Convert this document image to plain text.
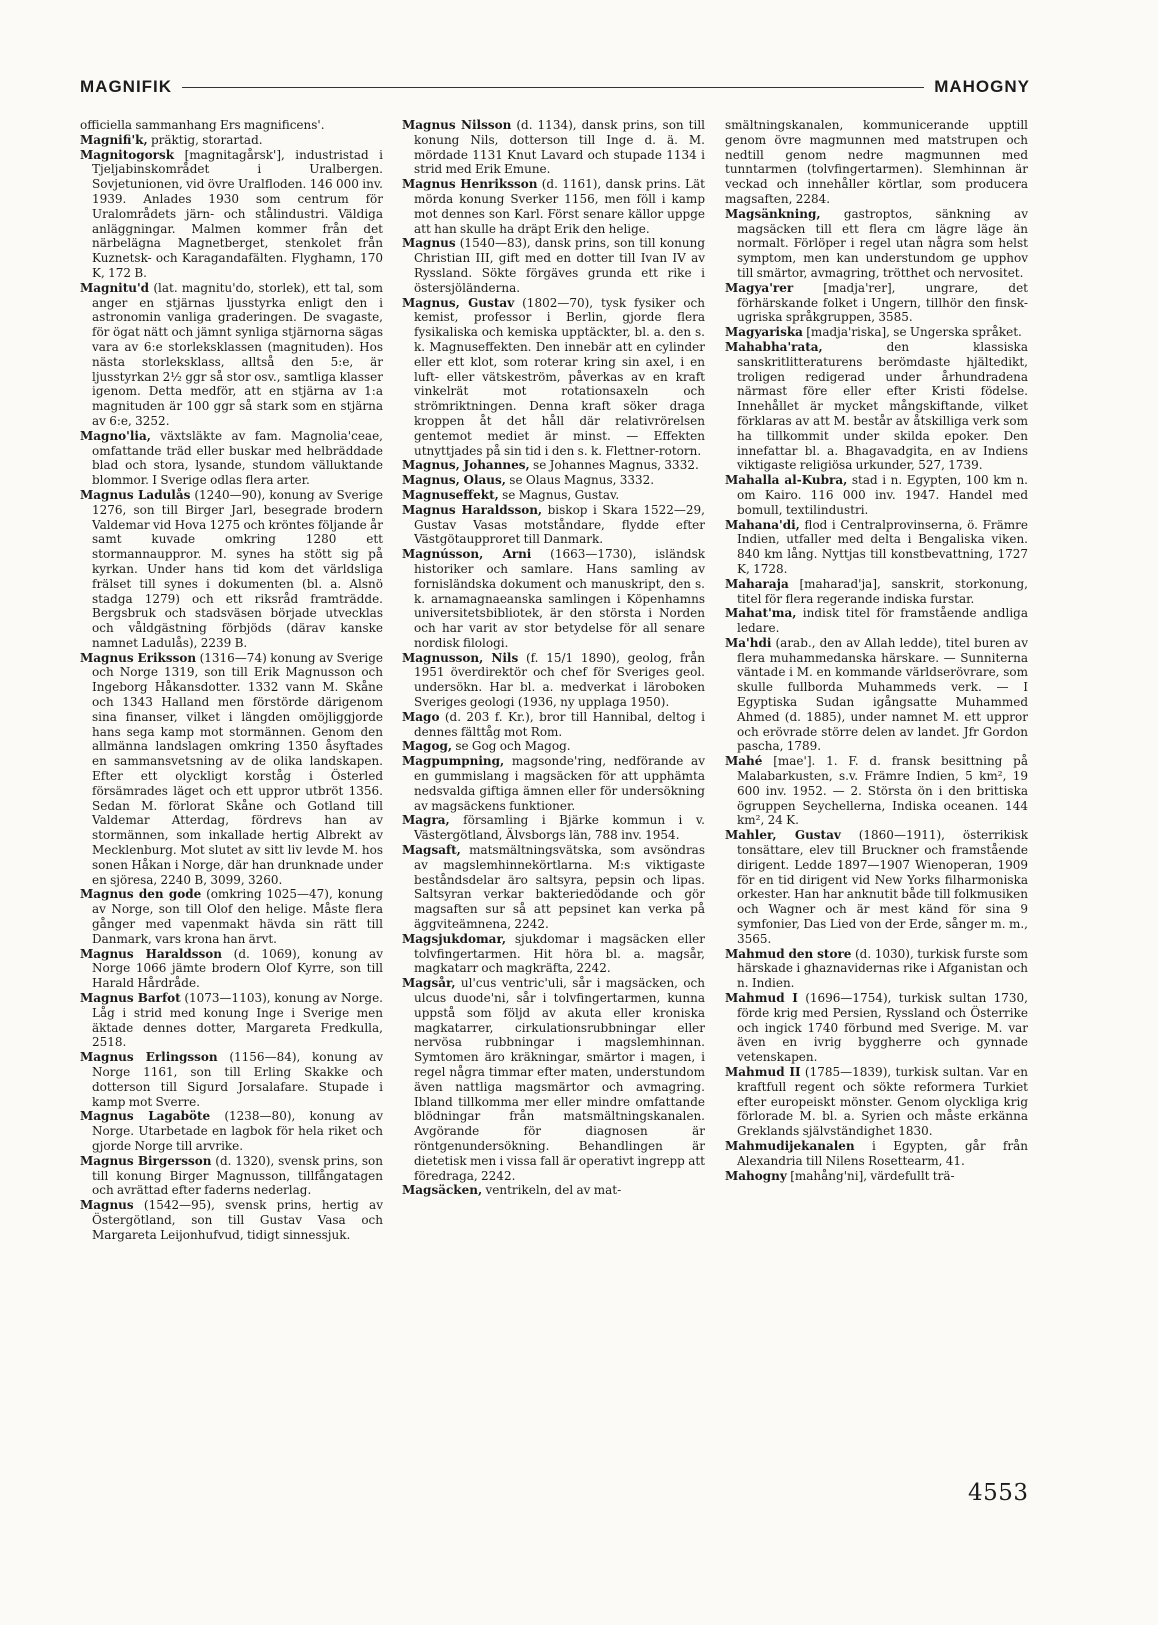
MAGNIFIK	MAHOGNY

officiella sammanhang Ers magnificens'.

Magnifi'k, präktig, storartad.

Magnitogorsk [magnitagårsk'], industristad i Tjeljabinskområdet i Uralbergen. Sovjetunionen, vid övre Uralfloden. 146 000 inv. 1939. Anlades 1930 som centrum för Uralområdets järn- och stålindustri. Väldiga anläggningar. Malmen kommer från det närbelägna Magnetberget, stenkolet från Kuznetsk- och Karagandafälten. Flyghamn, 170 K, 172 B.

Magnitu'd (lat. magnitu'do, storlek), ett tal, som anger en stjärnas ljusstyrka enligt den i astronomin vanliga graderingen. De svagaste, för ögat nätt och jämnt synliga stjärnorna sägas vara av 6:e storleksklassen (magnituden). Hos nästa storleksklass, alltså den 5:e, är ljusstyrkan 2½ ggr så stor osv., samtliga klasser igenom. Detta medför, att en stjärna av 1:a magnituden är 100 ggr så stark som en stjärna av 6:e, 3252.

Magno'lia, växtsläkte av fam. Magnolia'ceae, omfattande träd eller buskar med helbräddade blad och stora, lysande, stundom välluktande blommor. I Sverige odlas flera arter.

Magnus Ladulås (1240—90), konung av Sverige 1276, son till Birger Jarl, besegrade brodern Valdemar vid Hova 1275 och kröntes följande år samt kuvade omkring 1280 ett stormannauppror. M. synes ha stött sig på kyrkan. Under hans tid kom det världsliga frälset till synes i dokumenten (bl. a. Alsnö stadga 1279) och ett riksråd framträdde. Bergsbruk och stadsväsen började utvecklas och våldgästning förbjöds (därav kanske namnet Ladulås), 2239 B.

Magnus Eriksson (1316—74) konung av Sverige och Norge 1319, son till Erik Magnusson och Ingeborg Håkansdotter. 1332 vann M. Skåne och 1343 Halland men förstörde därigenom sina finanser, vilket i längden omöjliggjorde hans sega kamp mot stormännen. Genom den allmänna landslagen omkring 1350 åsyftades en sammansvetsning av de olika landskapen. Efter ett olyckligt korståg i Österled försämrades läget och ett uppror utbröt 1356. Sedan M. förlorat Skåne och Gotland till Valdemar Atterdag, fördrevs han av stormännen, som inkallade hertig Albrekt av Mecklenburg. Mot slutet av sitt liv levde M. hos sonen Håkan i Norge, där han drunknade under en sjöresa, 2240 B, 3099, 3260.

Magnus den gode (omkring 1025—47), konung av Norge, son till Olof den helige. Måste flera gånger med vapenmakt hävda sin rätt till Danmark, vars krona han ärvt.

Magnus Haraldsson (d. 1069), konung av Norge 1066 jämte brodern Olof Kyrre, son till Harald Hårdråde.

Magnus Barfot (1073—1103), konung av Norge. Låg i strid med konung Inge i Sverige men äktade dennes dotter, Margareta Fredkulla, 2518.

Magnus Erlingsson (1156—84), konung av Norge 1161, son till Erling Skakke och dotterson till Sigurd Jorsalafare. Stupade i kamp mot Sverre.

Magnus Lagaböte (1238—80), konung av Norge. Utarbetade en lagbok för hela riket och gjorde Norge till arvrike.

Magnus Birgersson (d. 1320), svensk prins, son till konung Birger Magnusson, tillfångatagen och avrättad efter faderns nederlag.

Magnus (1542—95), svensk prins, hertig av Östergötland, son till Gustav Vasa och Margareta Leijonhufvud, tidigt sinnessjuk.

Magnus Nilsson (d. 1134), dansk prins, son till konung Nils, dotterson till Inge d. ä. M. mördade 1131 Knut Lavard och stupade 1134 i strid med Erik Emune.

Magnus Henriksson (d. 1161), dansk prins. Lät mörda konung Sverker 1156, men föll i kamp mot dennes son Karl. Först senare källor uppge att han skulle ha dräpt Erik den helige.

Magnus (1540—83), dansk prins, son till konung Christian III, gift med en dotter till Ivan IV av Ryssland. Sökte förgäves grunda ett rike i östersjöländerna.

Magnus, Gustav (1802—70), tysk fysiker och kemist, professor i Berlin, gjorde flera fysikaliska och kemiska upptäckter, bl. a. den s. k. Magnuseffekten. Den innebär att en cylinder eller ett klot, som roterar kring sin axel, i en luft- eller vätskeström, påverkas av en kraft vinkelrät mot rotationsaxeln och strömriktningen. Denna kraft söker draga kroppen åt det håll där relativrörelsen gentemot mediet är minst. — Effekten utnyttjades på sin tid i den s. k. Flettner-rotorn.

Magnus, Johannes, se Johannes Magnus, 3332.

Magnus, Olaus, se Olaus Magnus, 3332.

Magnuseffekt, se Magnus, Gustav.

Magnus Haraldsson, biskop i Skara 1522—29, Gustav Vasas motståndare, flydde efter Västgötaupproret till Danmark.

Magnússon, Arni (1663—1730), isländsk historiker och samlare. Hans samling av fornisländska dokument och manuskript, den s. k. arnamagnaeanska samlingen i Köpenhamns universitetsbibliotek, är den största i Norden och har varit av stor betydelse för all senare nordisk filologi.

Magnusson, Nils (f. 15/1 1890), geolog, från 1951 överdirektör och chef för Sveriges geol. undersökn. Har bl. a. medverkat i läroboken Sveriges geologi (1936, ny upplaga 1950).

Mago (d. 203 f. Kr.), bror till Hannibal, deltog i dennes fälttåg mot Rom.

Magog, se Gog och Magog.

Magpumpning, magsonde'ring, nedförande av en gummislang i magsäcken för att upphämta nedsvalda giftiga ämnen eller för undersökning av magsäckens funktioner.

Magra, församling i Bjärke kommun i v. Västergötland, Älvsborgs län, 788 inv. 1954.

Magsaft, matsmältningsvätska, som avsöndras av magslemhinnekörtlarna. M:s viktigaste beståndsdelar äro saltsyra, pepsin och lipas. Saltsyran verkar bakteriedödande och gör magsaften sur så att pepsinet kan verka på äggviteämnena, 2242.

Magsjukdomar, sjukdomar i magsäcken eller tolvfingertarmen. Hit höra bl. a. magsår, magkatarr och magkräfta, 2242.

Magsår, ul'cus ventric'uli, sår i magsäcken, och ulcus duode'ni, sår i tolvfingertarmen, kunna uppstå som följd av akuta eller kroniska magkatarrer, cirkulationsrubbningar eller nervösa rubbningar i magslemhinnan. Symtomen äro kräkningar, smärtor i magen, i regel några timmar efter maten, understundom även nattliga magsmärtor och avmagring. Ibland tillkomma mer eller mindre omfattande blödningar från matsmältningskanalen. Avgörande för diagnosen är röntgenundersökning. Behandlingen är dietetisk men i vissa fall är operativt ingrepp att föredraga, 2242.

Magsäcken, ventrikeln, del av mat-

smältningskanalen, kommunicerande upptill genom övre magmunnen med matstrupen och nedtill genom nedre magmunnen med tunntarmen (tolvfingertarmen). Slemhinnan är veckad och innehåller körtlar, som producera magsaften, 2284.

Magsänkning, gastroptos, sänkning av magsäcken till ett flera cm lägre läge än normalt. Förlöper i regel utan några som helst symptom, men kan understundom ge upphov till smärtor, avmagring, trötthet och nervositet.

Magya'rer [madja'rer], ungrare, det förhärskande folket i Ungern, tillhör den finsk-ugriska språkgruppen, 3585.

Magyariska [madja'riska], se Ungerska språket.

Mahabha'rata, den klassiska sanskritlitteraturens berömdaste hjältedikt, troligen redigerad under århundradena närmast före eller efter Kristi födelse. Innehållet är mycket mångskiftande, vilket förklaras av att M. består av åtskilliga verk som ha tillkommit under skilda epoker. Den innefattar bl. a. Bhagavadgita, en av Indiens viktigaste religiösa urkunder, 527, 1739.

Mahalla al-Kubra, stad i n. Egypten, 100 km n. om Kairo. 116 000 inv. 1947. Handel med bomull, textilindustri.

Mahana'di, flod i Centralprovinserna, ö. Främre Indien, utfaller med delta i Bengaliska viken. 840 km lång. Nyttjas till konstbevattning, 1727 K, 1728.

Maharaja [maharad'ja], sanskrit, storkonung, titel för flera regerande indiska furstar.

Mahat'ma, indisk titel för framstående andliga ledare.

Ma'hdi (arab., den av Allah ledde), titel buren av flera muhammedanska härskare. — Sunniterna väntade i M. en kommande världserövrare, som skulle fullborda Muhammeds verk. — I Egyptiska Sudan igångsatte Muhammed Ahmed (d. 1885), under namnet M. ett uppror och erövrade större delen av landet. Jfr Gordon pascha, 1789.

Mahé [mae']. 1. F. d. fransk besittning på Malabarkusten, s.v. Främre Indien, 5 km², 19 600 inv. 1952. — 2. Största ön i den brittiska ögruppen Seychellerna, Indiska oceanen. 144 km², 24 K.

Mahler, Gustav (1860—1911), österrikisk tonsättare, elev till Bruckner och framstående dirigent. Ledde 1897—1907 Wienoperan, 1909 för en tid dirigent vid New Yorks filharmoniska orkester. Han har anknutit både till folkmusiken och Wagner och är mest känd för sina 9 symfonier, Das Lied von der Erde, sånger m. m., 3565.

Mahmud den store (d. 1030), turkisk furste som härskade i ghaznavidernas rike i Afganistan och n. Indien.

Mahmud I (1696—1754), turkisk sultan 1730, förde krig med Persien, Ryssland och Österrike och ingick 1740 förbund med Sverige. M. var även en ivrig byggherre och gynnade vetenskapen.

Mahmud II (1785—1839), turkisk sultan. Var en kraftfull regent och sökte reformera Turkiet efter europeiskt mönster. Genom olyckliga krig förlorade M. bl. a. Syrien och måste erkänna Greklands självständighet 1830.

Mahmudijekanalen i Egypten, går från Alexandria till Nilens Rosettearm, 41.

Mahogny [mahång'ni], värdefullt trä-

4553
